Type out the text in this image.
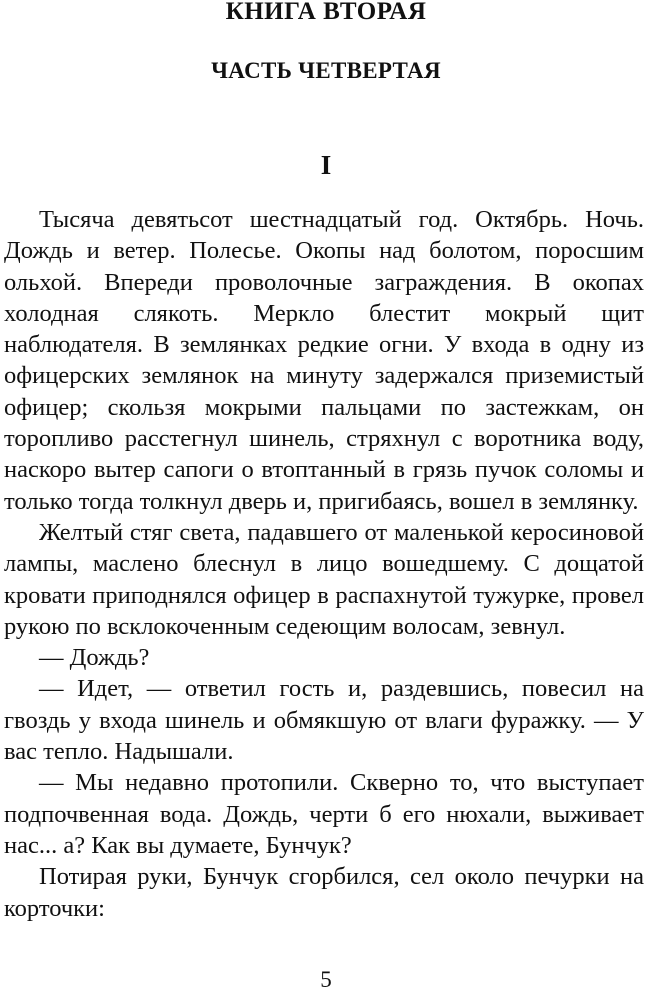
КНИГА ВТОРАЯ
ЧАСТЬ ЧЕТВЕРТАЯ
I

Тысяча девятьсот шестнадцатый год. Октябрь. Ночь. Дождь и ветер. Полесье. Окопы над болотом, поросшим ольхой. Впереди проволочные заграждения. В окопах холодная слякоть. Меркло блестит мокрый щит наблюдателя. В землянках редкие огни. У входа в одну из офицерских землянок на минуту задержался приземистый офицер; скользя мокрыми пальцами по застежкам, он торопливо расстегнул шинель, стряхнул с воротника воду, наскоро вытер сапоги о втоптанный в грязь пучок соломы и только тогда толкнул дверь и, пригибаясь, вошел в землянку.

Желтый стяг света, падавшего от маленькой керосиновой лампы, маслено блеснул в лицо вошедшему. С дощатой кровати приподнялся офицер в распахнутой тужурке, провел рукою по всклокоченным седеющим волосам, зевнул.

— Дождь?

— Идет, — ответил гость и, раздевшись, повесил на гвоздь у входа шинель и обмякшую от влаги фуражку. — У вас тепло. Надышали.

— Мы недавно протопили. Скверно то, что выступает подпочвенная вода. Дождь, черти б его нюхали, выживает нас... а? Как вы думаете, Бунчук?

Потирая руки, Бунчук сгорбился, сел около печурки на корточки:

5
